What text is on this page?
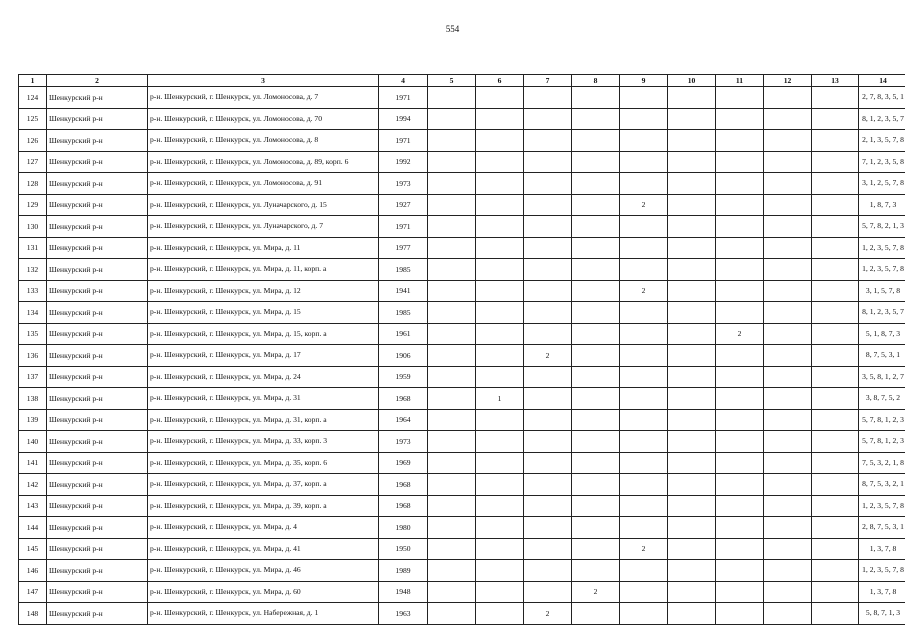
554
1	2	3	4	5	6	7	8	9	10	11	12	13	14
124	Шенкурский р-н	р-н. Шенкурский, г. Шенкурск, ул. Ломоносова, д. 7	1971										2, 7, 8, 3, 5, 1
125	Шенкурский р-н	р-н. Шенкурский, г. Шенкурск, ул. Ломоносова, д. 70	1994										8, 1, 2, 3, 5, 7
126	Шенкурский р-н	р-н. Шенкурский, г. Шенкурск, ул. Ломоносова, д. 8	1971										2, 1, 3, 5, 7, 8
127	Шенкурский р-н	р-н. Шенкурский, г. Шенкурск, ул. Ломоносова, д. 89, корп. 6	1992										7, 1, 2, 3, 5, 8
128	Шенкурский р-н	р-н. Шенкурский, г. Шенкурск, ул. Ломоносова, д. 91	1973										3, 1, 2, 5, 7, 8
129	Шенкурский р-н	р-н. Шенкурский, г. Шенкурск, ул. Луначарского, д. 15	1927					2					1, 8, 7, 3
130	Шенкурский р-н	р-н. Шенкурский, г. Шенкурск, ул. Луначарского, д. 7	1971										5, 7, 8, 2, 1, 3
131	Шенкурский р-н	р-н. Шенкурский, г. Шенкурск, ул. Мира, д. 11	1977										1, 2, 3, 5, 7, 8
132	Шенкурский р-н	р-н. Шенкурский, г. Шенкурск, ул. Мира, д. 11, корп. а	1985										1, 2, 3, 5, 7, 8
133	Шенкурский р-н	р-н. Шенкурский, г. Шенкурск, ул. Мира, д. 12	1941					2					3, 1, 5, 7, 8
134	Шенкурский р-н	р-н. Шенкурский, г. Шенкурск, ул. Мира, д. 15	1985										8, 1, 2, 3, 5, 7
135	Шенкурский р-н	р-н. Шенкурский, г. Шенкурск, ул. Мира, д. 15, корп. а	1961							2			5, 1, 8, 7, 3
136	Шенкурский р-н	р-н. Шенкурский, г. Шенкурск, ул. Мира, д. 17	1906			2							8, 7, 5, 3, 1
137	Шенкурский р-н	р-н. Шенкурский, г. Шенкурск, ул. Мира, д. 24	1959										3, 5, 8, 1, 2, 7
138	Шенкурский р-н	р-н. Шенкурский, г. Шенкурск, ул. Мира, д. 31	1968		1								3, 8, 7, 5, 2
139	Шенкурский р-н	р-н. Шенкурский, г. Шенкурск, ул. Мира, д. 31, корп. а	1964										5, 7, 8, 1, 2, 3
140	Шенкурский р-н	р-н. Шенкурский, г. Шенкурск, ул. Мира, д. 33, корп. 3	1973										5, 7, 8, 1, 2, 3
141	Шенкурский р-н	р-н. Шенкурский, г. Шенкурск, ул. Мира, д. 35, корп. 6	1969										7, 5, 3, 2, 1, 8
142	Шенкурский р-н	р-н. Шенкурский, г. Шенкурск, ул. Мира, д. 37, корп. а	1968										8, 7, 5, 3, 2, 1
143	Шенкурский р-н	р-н. Шенкурский, г. Шенкурск, ул. Мира, д. 39, корп. а	1968										1, 2, 3, 5, 7, 8
144	Шенкурский р-н	р-н. Шенкурский, г. Шенкурск, ул. Мира, д. 4	1980										2, 8, 7, 5, 3, 1
145	Шенкурский р-н	р-н. Шенкурский, г. Шенкурск, ул. Мира, д. 41	1950					2					1, 3, 7, 8
146	Шенкурский р-н	р-н. Шенкурский, г. Шенкурск, ул. Мира, д. 46	1989										1, 2, 3, 5, 7, 8
147	Шенкурский р-н	р-н. Шенкурский, г. Шенкурск, ул. Мира, д. 60	1948				2						1, 3, 7, 8
148	Шенкурский р-н	р-н. Шенкурский, г. Шенкурск, ул. Набережная, д. 1	1963			2							5, 8, 7, 1, 3
